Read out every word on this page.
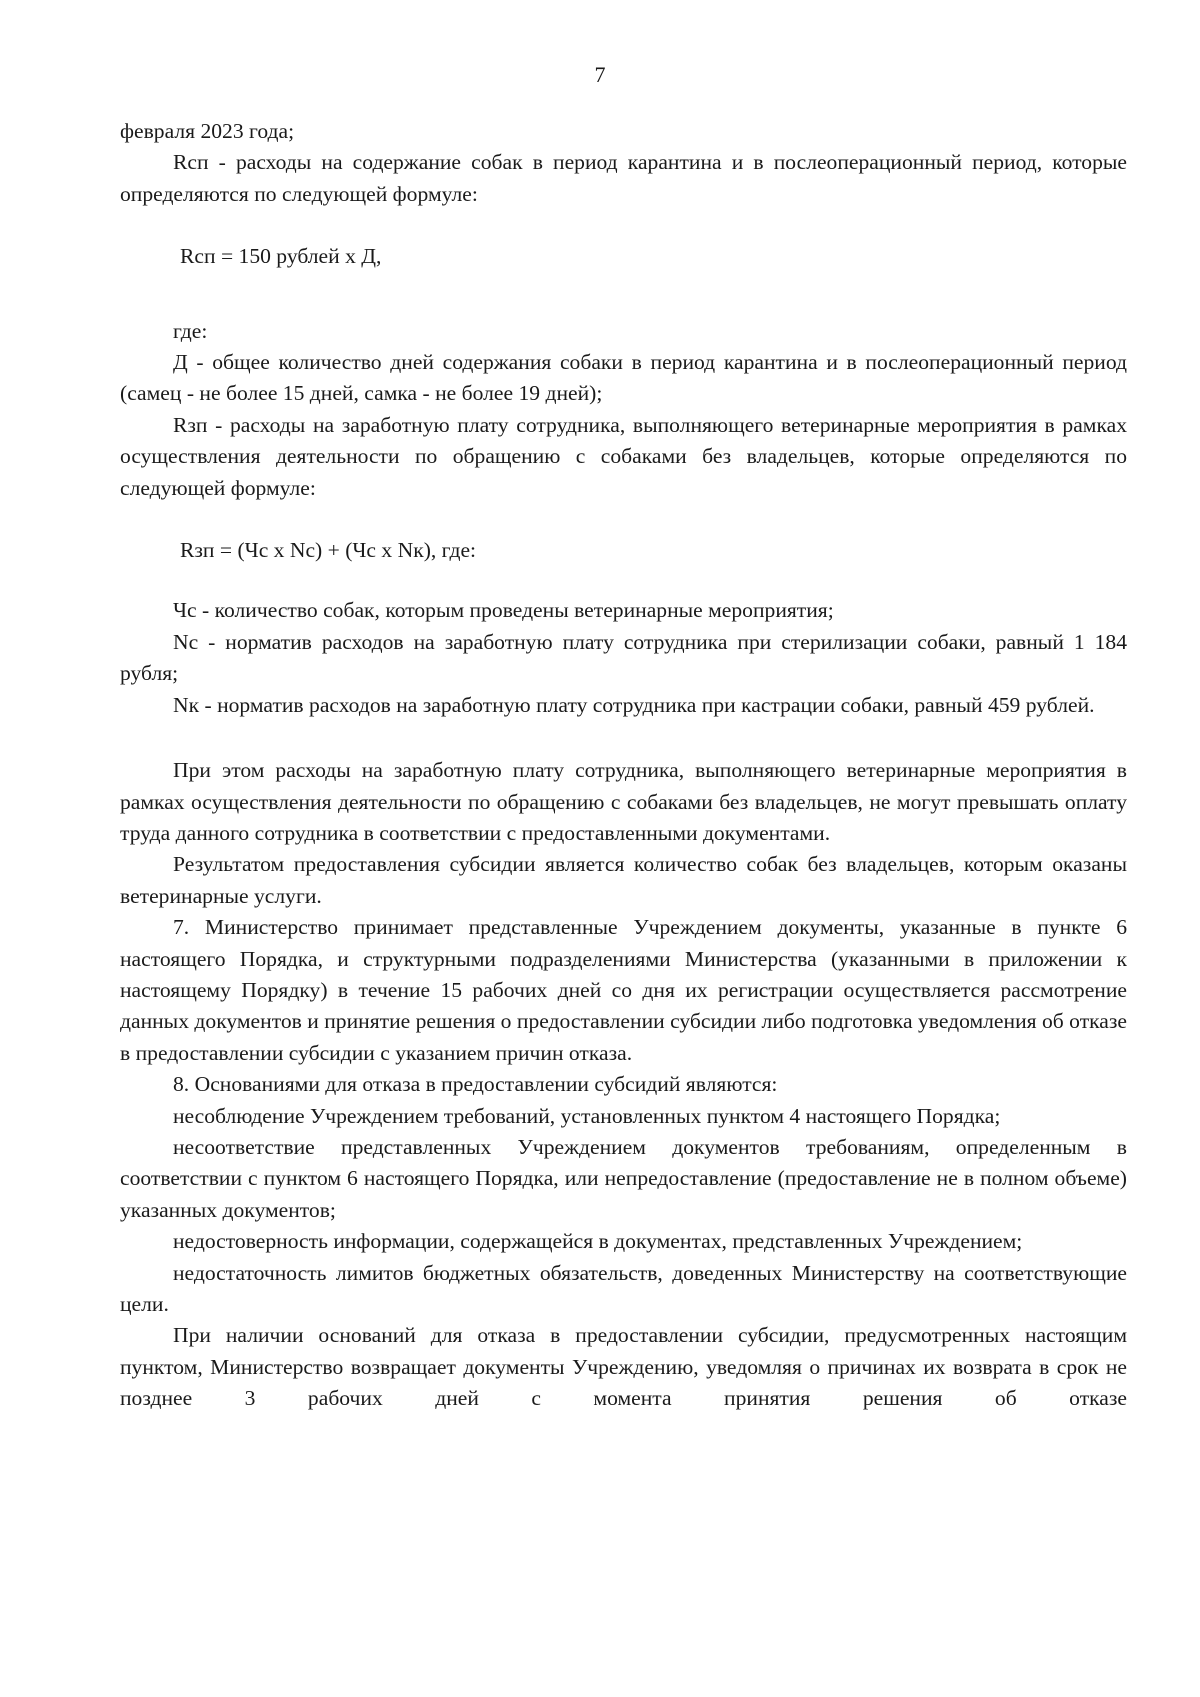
7

февраля 2023 года;

Rсп - расходы на содержание собак в период карантина и в послеоперационный период, которые определяются по следующей формуле:

Rсп = 150 рублей х Д,

где:

Д - общее количество дней содержания собаки в период карантина и в послеоперационный период (самец - не более 15 дней, самка - не более 19 дней);

Rзп - расходы на заработную плату сотрудника, выполняющего ветеринарные мероприятия в рамках осуществления деятельности по обращению с собаками без владельцев, которые определяются по следующей формуле:

Rзп = (Чс х Nс) + (Чс х Nк), где:

Чс - количество собак, которым проведены ветеринарные мероприятия;

Nс - норматив расходов на заработную плату сотрудника при стерилизации собаки, равный 1 184 рубля;

Nк - норматив расходов на заработную плату сотрудника при кастрации собаки, равный 459 рублей.

При этом расходы на заработную плату сотрудника, выполняющего ветеринарные мероприятия в рамках осуществления деятельности по обращению с собаками без владельцев, не могут превышать оплату труда данного сотрудника в соответствии с предоставленными документами.

Результатом предоставления субсидии является количество собак без владельцев, которым оказаны ветеринарные услуги.

7. Министерство принимает представленные Учреждением документы, указанные в пункте 6 настоящего Порядка, и структурными подразделениями Министерства (указанными в приложении к настоящему Порядку) в течение 15 рабочих дней со дня их регистрации осуществляется рассмотрение данных документов и принятие решения о предоставлении субсидии либо подготовка уведомления об отказе в предоставлении субсидии с указанием причин отказа.

8. Основаниями для отказа в предоставлении субсидий являются:

несоблюдение Учреждением требований, установленных пунктом 4 настоящего Порядка;

несоответствие представленных Учреждением документов требованиям, определенным в соответствии с пунктом 6 настоящего Порядка, или непредоставление (предоставление не в полном объеме) указанных документов;

недостоверность информации, содержащейся в документах, представленных Учреждением;

недостаточность лимитов бюджетных обязательств, доведенных Министерству на соответствующие цели.

При наличии оснований для отказа в предоставлении субсидии, предусмотренных настоящим пунктом, Министерство возвращает документы Учреждению, уведомляя о причинах их возврата в срок не позднее 3 рабочих дней с момента принятия решения об отказе
